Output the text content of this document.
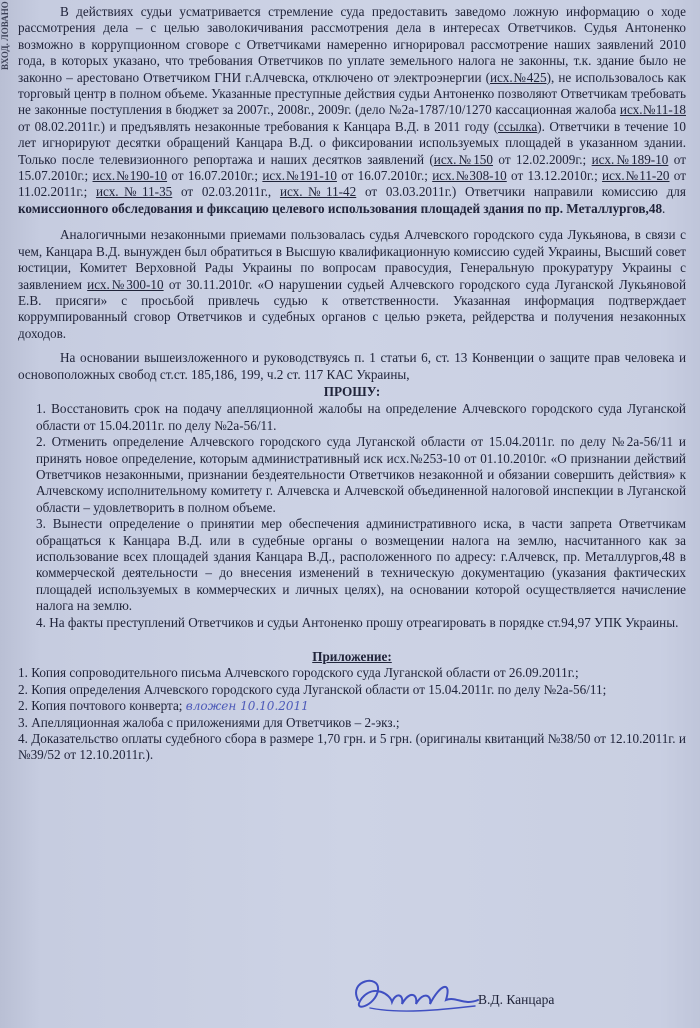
ВХОД. ЛОВАНО	В действиях судьи усматривается стремление суда предоставить заведомо ложную информацию о ходе рассмотрения дела – с целью заволокичивания рассмотрения дела в интересах Ответчиков. Судья Антоненко возможно в коррупционном сговоре с Ответчиками намеренно игнорировал рассмотрение наших заявлений 2010 года, в которых указано, что требования Ответчиков по уплате земельного налога не законны, т.к. здание было не законно – арестовано Ответчиком ГНИ г.Алчевска, отключено от электроэнергии (исх.№425), не использовалось как торговый центр в полном объеме. Указанные преступные действия судьи Антоненко позволяют Ответчикам требовать не законные поступления в бюджет за 2007г., 2008г., 2009г. (дело №2а-1787/10/1270 кассационная жалоба исх.№11-18 от 08.02.2011г.) и предъявлять незаконные требования к Канцара В.Д. в 2011 году (ссылка). Ответчики в течение 10 лет игнорируют десятки обращений Канцара В.Д. о фиксировании используемых площадей в указанном здании. Только после телевизионного репортажа и наших десятков заявлений (исх.№150 от 12.02.2009г.; исх.№189-10 от 15.07.2010г.; исх.№190-10 от 16.07.2010г.; исх.№191-10 от 16.07.2010г.; исх.№308-10 от 13.12.2010г.; исх.№11-20 от 11.02.2011г.; исх.№11-35 от 02.03.2011г., исх.№11-42 от 03.03.2011г.) Ответчики направили комиссию для комиссионного обследования и фиксацию целевого использования площадей здания по пр. Металлургов,48.

Аналогичными незаконными приемами пользовалась судья Алчевского городского суда Лукьянова, в связи с чем, Канцара В.Д. вынужден был обратиться в Высшую квалификационную комиссию судей Украины, Высший совет юстиции, Комитет Верховной Рады Украины по вопросам правосудия, Генеральную прокуратуру Украины с заявлением исх.№300-10 от 30.11.2010г. «О нарушении судьей Алчевского городского суда Луганской Лукьяновой Е.В. присяги» с просьбой привлечь судью к ответственности. Указанная информация подтверждает коррумпированный сговор Ответчиков и судебных органов с целью рэкета, рейдерства и получения незаконных доходов.

На основании вышеизложенного и руководствуясь п. 1 статьи 6, ст. 13 Конвенции о защите прав человека и основоположных свобод ст.ст. 185,186, 199, ч.2 ст. 117 КАС Украины,

ПРОШУ:

1. Восстановить срок на подачу апелляционной жалобы на определение Алчевского городского суда Луганской области от 15.04.2011г. по делу №2а-56/11.

2. Отменить определение Алчевского городского суда Луганской области от 15.04.2011г. по делу №2а-56/11 и принять новое определение, которым административный иск исх.№253-10 от 01.10.2010г. «О признании действий Ответчиков незаконными, признании бездеятельности Ответчиков незаконной и обязании совершить действия» к Алчевскому исполнительному комитету г. Алчевска и Алчевской объединенной налоговой инспекции в Луганской области – удовлетворить в полном объеме.

3. Вынести определение о принятии мер обеспечения административного иска, в части запрета Ответчикам обращаться к Канцара В.Д. или в судебные органы о возмещении налога на землю, насчитанного как за использование всех площадей здания Канцара В.Д., расположенного по адресу: г.Алчевск, пр. Металлургов,48 в коммерческой деятельности – до внесения изменений в техническую документацию (указания фактических площадей используемых в коммерческих и личных целях), на основании которой осуществляется начисление налога на землю.

4. На факты преступлений Ответчиков и судьи Антоненко прошу отреагировать в порядке ст.94,97 УПК Украины.

Приложение:

1. Копия сопроводительного письма Алчевского городского суда Луганской области от 26.09.2011г.;

2. Копия определения Алчевского городского суда Луганской области от 15.04.2011г. по делу №2а-56/11;

2. Копия почтового конверта; вложен 10.10.2011

3. Апелляционная жалоба с приложениями для Ответчиков – 2-экз.;

4. Доказательство оплаты судебного сбора в размере 1,70 грн. и 5 грн. (оригиналы квитанций №38/50 от 12.10.2011г. и №39/52 от 12.10.2011г.).

В.Д. Канцара
